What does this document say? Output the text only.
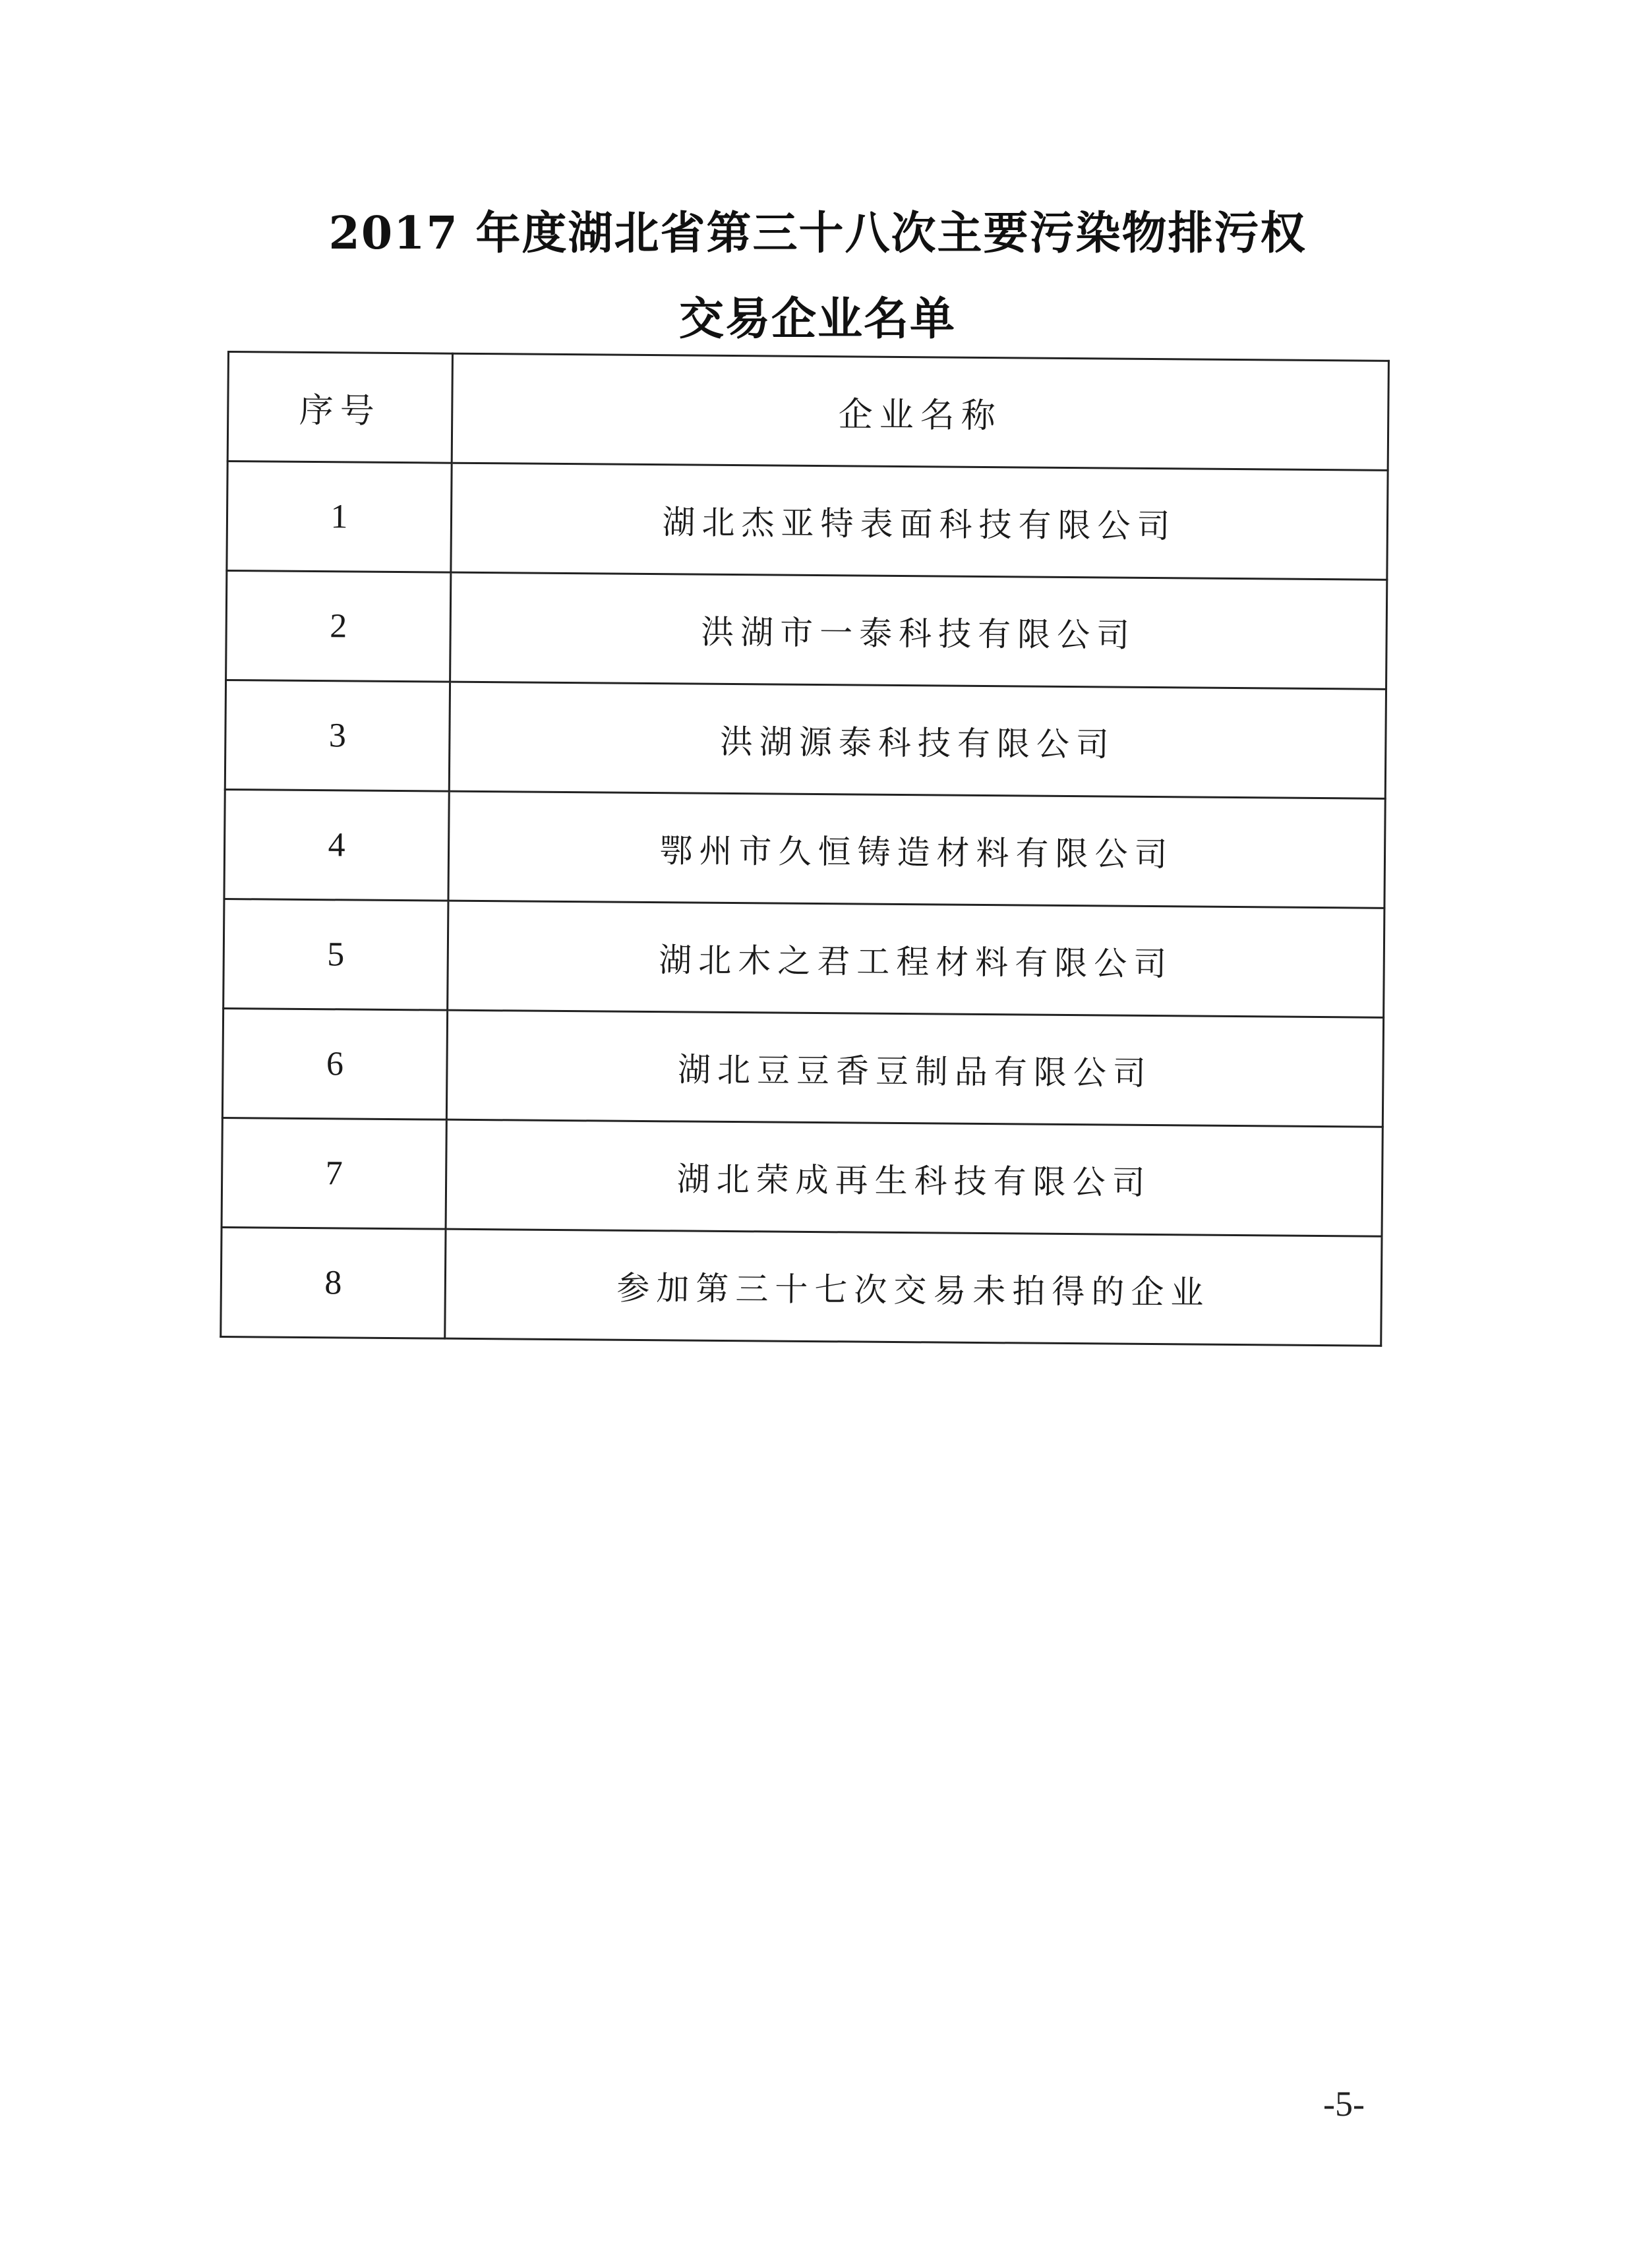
2017 年度湖北省第三十八次主要污染物排污权
交易企业名单
序号	企业名称
1	湖北杰亚特表面科技有限公司
2	洪湖市一泰科技有限公司
3	洪湖源泰科技有限公司
4	鄂州市久恒铸造材料有限公司
5	湖北木之君工程材料有限公司
6	湖北豆豆香豆制品有限公司
7	湖北荣成再生科技有限公司
8	参加第三十七次交易未拍得的企业
-5-
